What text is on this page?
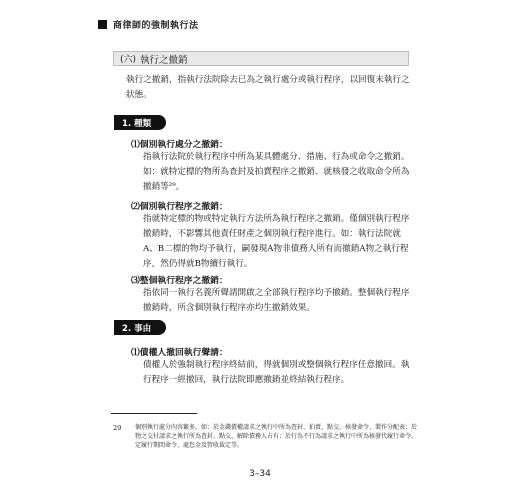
商律師的強制執行法
(六) 執行之撤銷

執行之撤銷，指執行法院除去已為之執行處分或執行程序，以回復未執行之狀態。

1. 種類
⑴個別執行處分之撤銷：

指執行法院於執行程序中所為某具體處分、措施、行為或命令之撤銷。如：就特定標的物所為查封及拍賣程序之撤銷、就核發之收取命令所為撤銷等²⁹。

⑵個別執行程序之撤銷：

指就特定標的物或特定執行方法所為執行程序之撤銷。僅個別執行程序撤銷時，不影響其他責任財產之個別執行程序進行。如：執行法院就A、B二標的物均予執行，嗣發現A物非債務人所有而撤銷A物之執行程序，然仍得就B物續行執行。

⑶整個執行程序之撤銷：

指依同一執行名義所聲請開啟之全部執行程序均予撤銷。整個執行程序撤銷時，所含個別執行程序亦均生撤銷效果。

2. 事由
⑴債權人撤回執行聲請：

債權人於強制執行程序終結前，得就個別或整個執行程序任意撤回。執行程序一經撤回，執行法院即應撤銷並終結執行程序。

29 個別執行處分內容繁多，如：於金錢債權請求之執行中所為查封、拍賣、點交、核發命令、製作分配表；於物之交付請求之執行所為查封、點交、解除債務人占有；於行為不行為請求之執行中所為核發代履行命令、定履行期間命令、處怠金及管收裁定等。

3–34
